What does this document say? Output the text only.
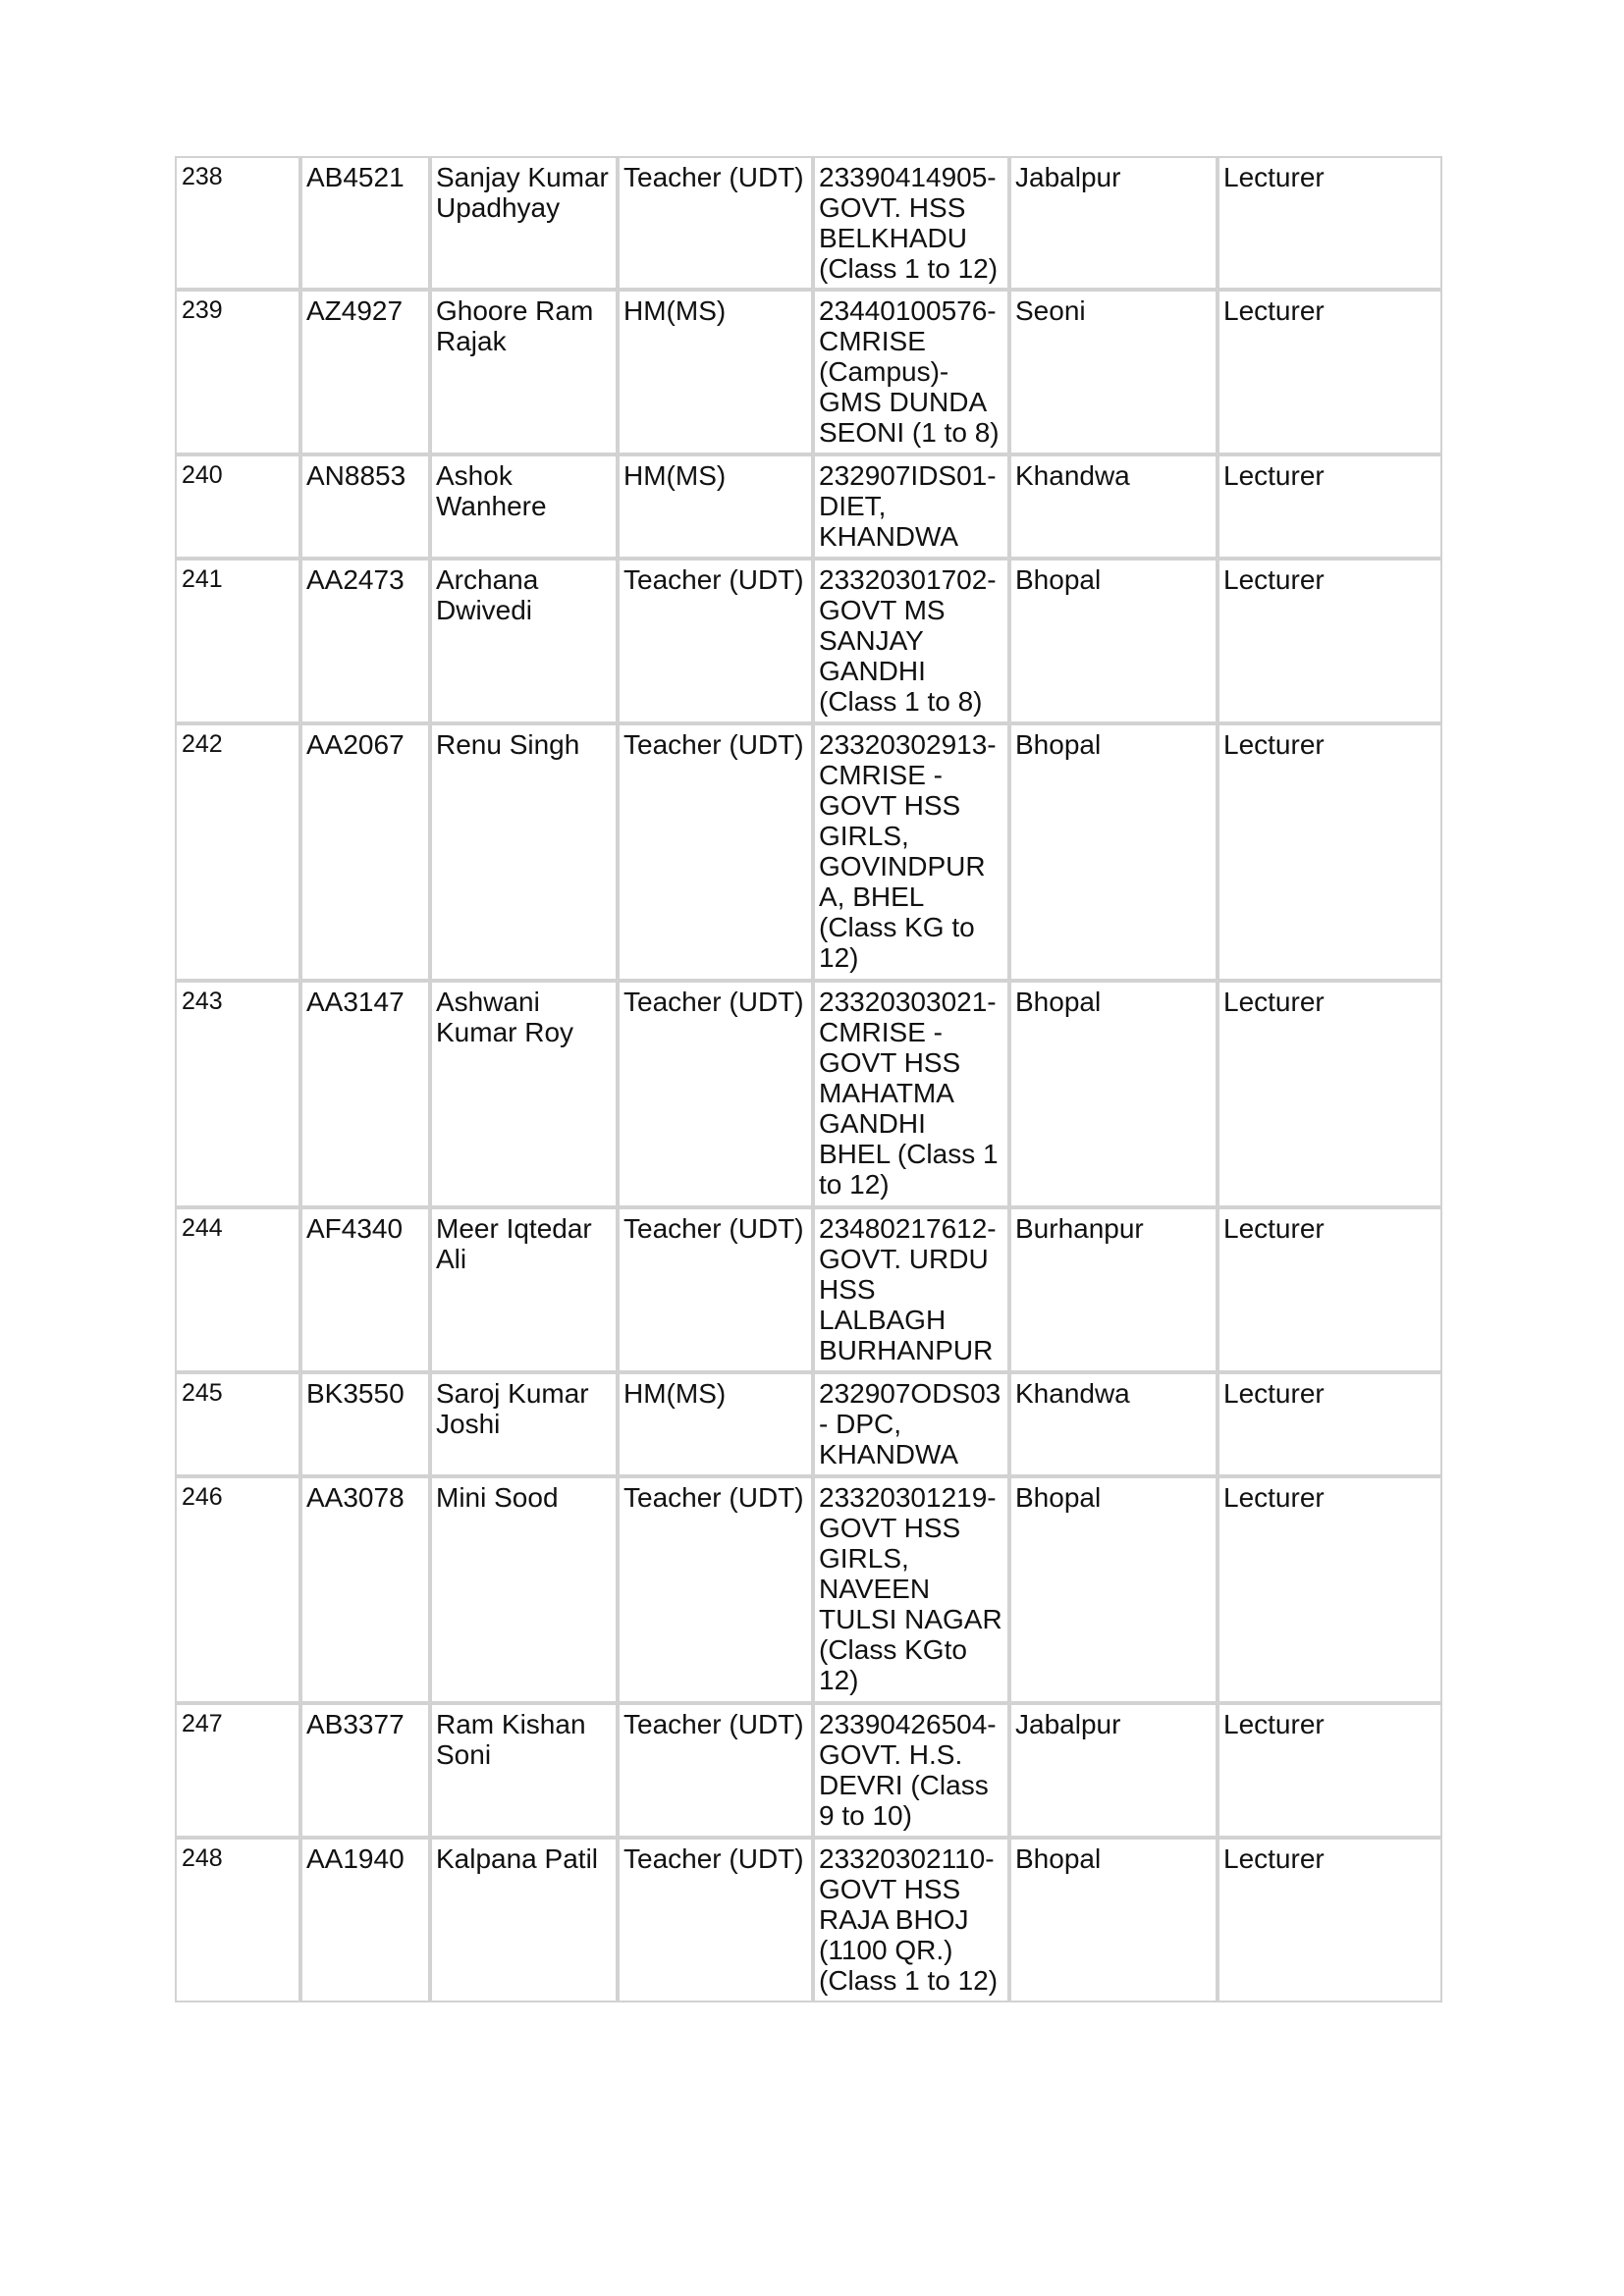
238	AB4521	Sanjay Kumar Upadhyay	Teacher (UDT)	23390414905-GOVT. HSS BELKHADU (Class 1 to 12)	Jabalpur	Lecturer
239	AZ4927	Ghoore Ram Rajak	HM(MS)	23440100576-CMRISE (Campus)-GMS DUNDA SEONI (1 to 8)	Seoni	Lecturer
240	AN8853	Ashok Wanhere	HM(MS)	232907IDS01-DIET, KHANDWA	Khandwa	Lecturer
241	AA2473	Archana Dwivedi	Teacher (UDT)	23320301702-GOVT MS SANJAY GANDHI (Class 1 to 8)	Bhopal	Lecturer
242	AA2067	Renu Singh	Teacher (UDT)	23320302913-CMRISE - GOVT HSS GIRLS, GOVINDPURA, BHEL (Class KG to 12)	Bhopal	Lecturer
243	AA3147	Ashwani Kumar Roy	Teacher (UDT)	23320303021-CMRISE - GOVT HSS MAHATMA GANDHI BHEL (Class 1 to 12)	Bhopal	Lecturer
244	AF4340	Meer Iqtedar Ali	Teacher (UDT)	23480217612-GOVT. URDU HSS LALBAGH BURHANPUR	Burhanpur	Lecturer
245	BK3550	Saroj Kumar Joshi	HM(MS)	232907ODS03 - DPC, KHANDWA	Khandwa	Lecturer
246	AA3078	Mini Sood	Teacher (UDT)	23320301219-GOVT HSS GIRLS, NAVEEN TULSI NAGAR (Class KGto 12)	Bhopal	Lecturer
247	AB3377	Ram Kishan Soni	Teacher (UDT)	23390426504-GOVT. H.S. DEVRI (Class 9 to 10)	Jabalpur	Lecturer
248	AA1940	Kalpana Patil	Teacher (UDT)	23320302110-GOVT HSS RAJA BHOJ (1100 QR.) (Class 1 to 12)	Bhopal	Lecturer
